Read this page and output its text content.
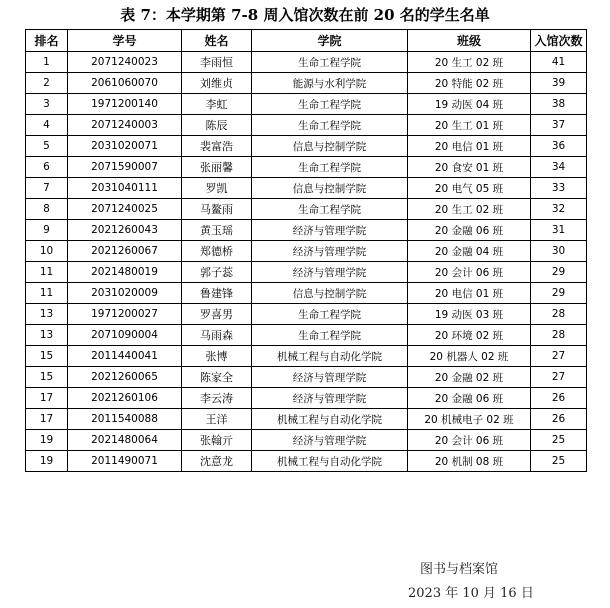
表 7：本学期第 7-8 周入馆次数在前 20 名的学生名单
排名	学号	姓名	学院	班级	入馆次数
1	2071240023	李雨恒	生命工程学院	20 生工 02 班	41
2	2061060070	刘维贞	能源与水利学院	20 特能 02 班	39
3	1971200140	李虹	生命工程学院	19 动医 04 班	38
4	2071240003	陈辰	生命工程学院	20 生工 01 班	37
5	2031020071	裴富浩	信息与控制学院	20 电信 01 班	36
6	2071590007	张丽馨	生命工程学院	20 食安 01 班	34
7	2031040111	罗凯	信息与控制学院	20 电气 05 班	33
8	2071240025	马鳌雨	生命工程学院	20 生工 02 班	32
9	2021260043	黄玉瑶	经济与管理学院	20 金融 06 班	31
10	2021260067	郑德桥	经济与管理学院	20 金融 04 班	30
11	2021480019	郭子蕊	经济与管理学院	20 会计 06 班	29
11	2031020009	鲁建锋	信息与控制学院	20 电信 01 班	29
13	1971200027	罗喜男	生命工程学院	19 动医 03 班	28
13	2071090004	马雨森	生命工程学院	20 环境 02 班	28
15	2011440041	张博	机械工程与自动化学院	20 机器人 02 班	27
15	2021260065	陈家全	经济与管理学院	20 金融 02 班	27
17	2021260106	李云涛	经济与管理学院	20 金融 06 班	26
17	2011540088	王洋	机械工程与自动化学院	20 机械电子 02 班	26
19	2021480064	张翰亓	经济与管理学院	20 会计 06 班	25
19	2011490071	沈意龙	机械工程与自动化学院	20 机制 08 班	25
图书与档案馆
2023 年 10 月 16 日
